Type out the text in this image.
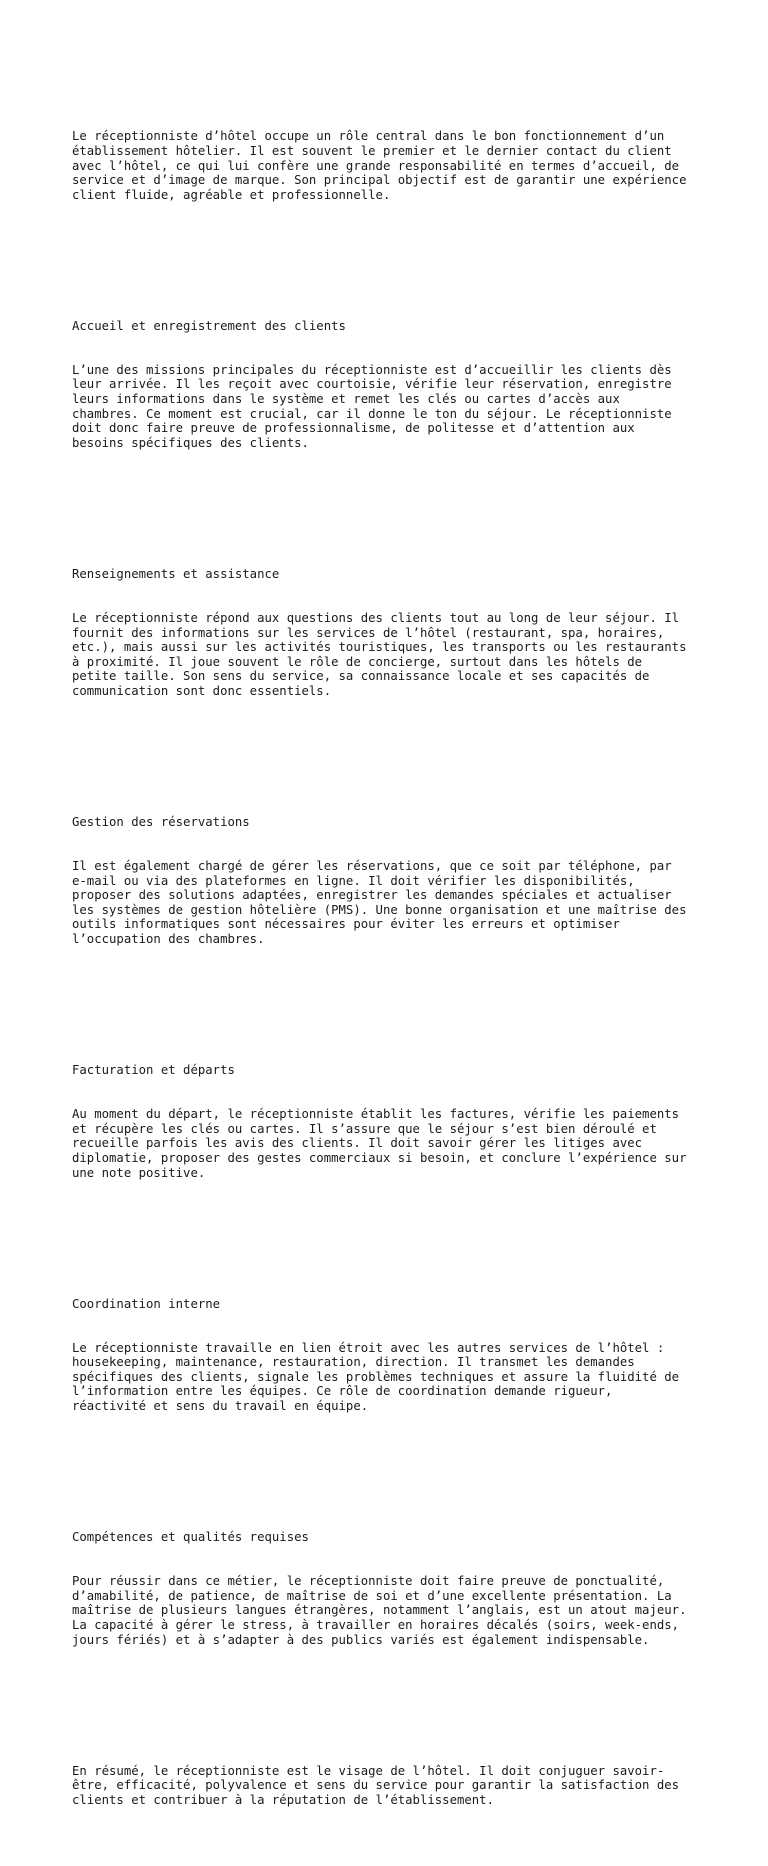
Le réceptionniste d’hôtel occupe un rôle central dans le bon fonctionnement d’un
établissement hôtelier. Il est souvent le premier et le dernier contact du client
avec l’hôtel, ce qui lui confère une grande responsabilité en termes d’accueil, de
service et d’image de marque. Son principal objectif est de garantir une expérience
client fluide, agréable et professionnelle.

Accueil et enregistrement des clients

L’une des missions principales du réceptionniste est d’accueillir les clients dès
leur arrivée. Il les reçoit avec courtoisie, vérifie leur réservation, enregistre
leurs informations dans le système et remet les clés ou cartes d’accès aux
chambres. Ce moment est crucial, car il donne le ton du séjour. Le réceptionniste
doit donc faire preuve de professionnalisme, de politesse et d’attention aux
besoins spécifiques des clients.

Renseignements et assistance

Le réceptionniste répond aux questions des clients tout au long de leur séjour. Il
fournit des informations sur les services de l’hôtel (restaurant, spa, horaires,
etc.), mais aussi sur les activités touristiques, les transports ou les restaurants
à proximité. Il joue souvent le rôle de concierge, surtout dans les hôtels de
petite taille. Son sens du service, sa connaissance locale et ses capacités de
communication sont donc essentiels.

Gestion des réservations

Il est également chargé de gérer les réservations, que ce soit par téléphone, par
e-mail ou via des plateformes en ligne. Il doit vérifier les disponibilités,
proposer des solutions adaptées, enregistrer les demandes spéciales et actualiser
les systèmes de gestion hôtelière (PMS). Une bonne organisation et une maîtrise des
outils informatiques sont nécessaires pour éviter les erreurs et optimiser
l’occupation des chambres.

Facturation et départs

Au moment du départ, le réceptionniste établit les factures, vérifie les paiements
et récupère les clés ou cartes. Il s’assure que le séjour s’est bien déroulé et
recueille parfois les avis des clients. Il doit savoir gérer les litiges avec
diplomatie, proposer des gestes commerciaux si besoin, et conclure l’expérience sur
une note positive.

Coordination interne

Le réceptionniste travaille en lien étroit avec les autres services de l’hôtel :
housekeeping, maintenance, restauration, direction. Il transmet les demandes
spécifiques des clients, signale les problèmes techniques et assure la fluidité de
l’information entre les équipes. Ce rôle de coordination demande rigueur,
réactivité et sens du travail en équipe.

Compétences et qualités requises

Pour réussir dans ce métier, le réceptionniste doit faire preuve de ponctualité,
d’amabilité, de patience, de maîtrise de soi et d’une excellente présentation. La
maîtrise de plusieurs langues étrangères, notamment l’anglais, est un atout majeur.
La capacité à gérer le stress, à travailler en horaires décalés (soirs, week-ends,
jours fériés) et à s’adapter à des publics variés est également indispensable.

En résumé, le réceptionniste est le visage de l’hôtel. Il doit conjuguer savoir-
être, efficacité, polyvalence et sens du service pour garantir la satisfaction des
clients et contribuer à la réputation de l’établissement.
